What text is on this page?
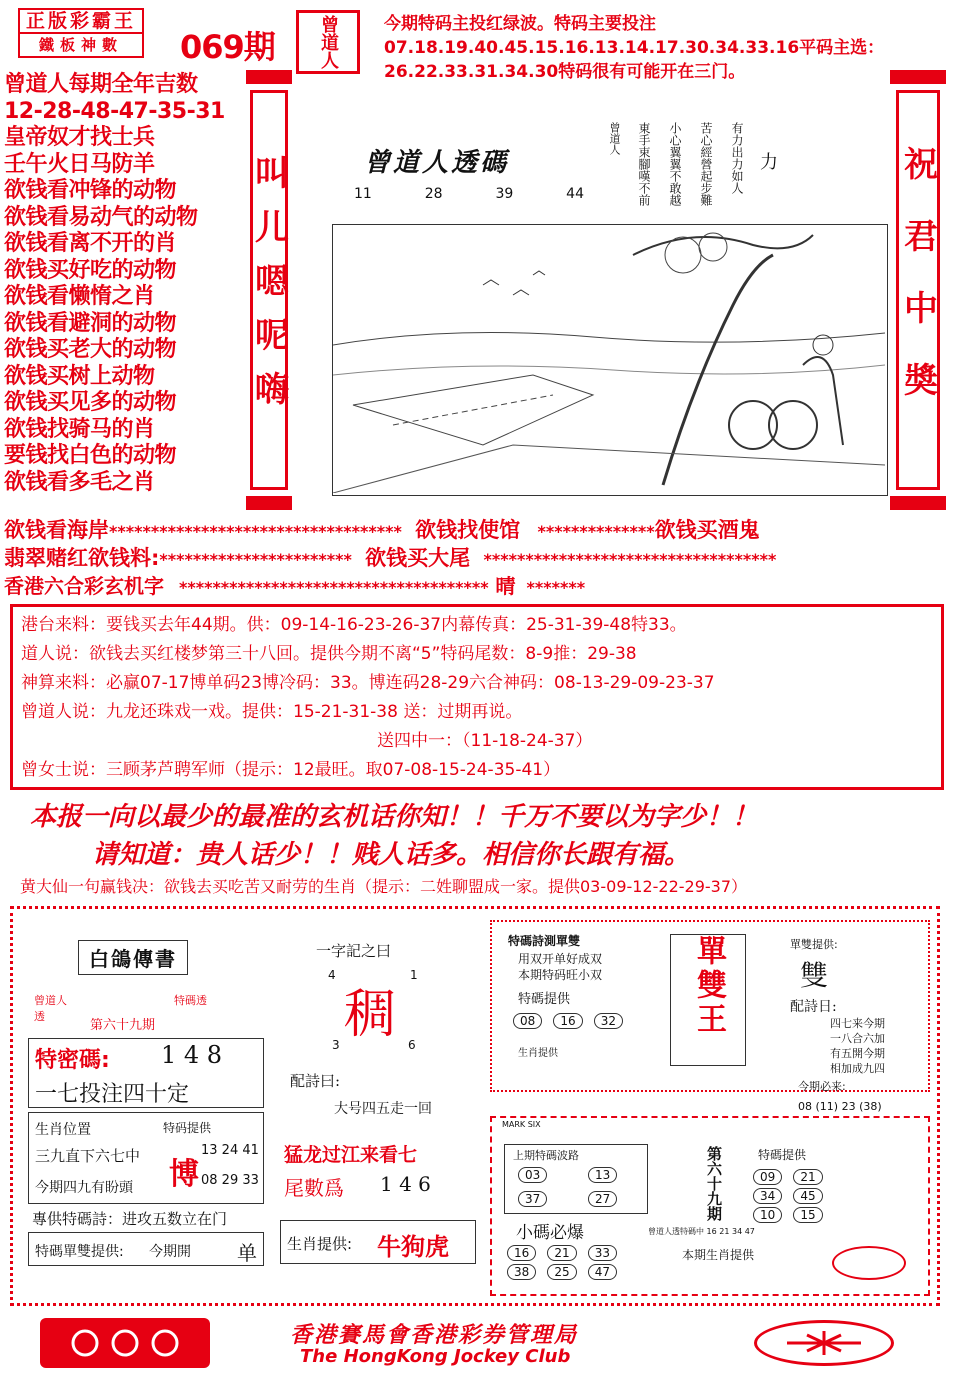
正版彩霸王
鐵板神數	069期 曾道人	今期特码主投红绿波。特码主要投注07.18.19.40.45.15.16.13.14.17.30.34.33.16平码主选：26.22.33.31.34.30特码很有可能开在三门。
曾道人每期全年吉数
12-28-48-47-35-31
皇帝奴才找士兵
壬午火日马防羊
欲钱看冲锋的动物
欲钱看易动气的动物
欲钱看离不开的肖
欲钱买好吃的动物
欲钱看懒惰之肖
欲钱看避洞的动物
欲钱买老大的动物
欲钱买树上动物
欲钱买见多的动物
欲钱找骑马的肖
要钱找白色的动物
欲钱看多毛之肖
叫儿嗯呢嗨	曾道人透碼
11	28	39	44
力
有力出力如人
苦心經營起步難
小心翼翼不敢越
東手束腳嘆不前
曾道人
祝君中奬
欲钱看海岸*********************************** 欲钱找使馆 **************欲钱买酒鬼
翡翠赌红欲钱料:*********************** 欲钱买大尾 ***********************************
香港六合彩玄机字 ************************************* 晴 *******
港台来料：要钱买去年44期。供：09-14-16-23-26-37内幕传真：25-31-39-48特33。
道人说：欲钱去买红楼梦第三十八回。提供今期不离“5”特码尾数：8-9推：29-38
神算来料：必赢07-17博单码23博冷码：33。博连码28-29六合神码：08-13-29-09-23-37
曾道人说：九龙还珠戏一戏。提供：15-21-31-38 送：过期再说。
送四中一：（11-18-24-37）
曾女士说：三顾茅芦聘军师（提示：12最旺。取07-08-15-24-35-41）
本报一向以最少的最准的玄机话你知！！千万不要以为字少！！
请知道：贵人话少！！贱人话多。相信你长跟有福。
黄大仙一句赢钱决：欲钱去买吃苦又耐劳的生肖（提示：二姓聊盟成一家。提供03-09-12-22-29-37）
白鴿傳書
曾道人透
特碼透
第六十九期
特密碼: 1 4 8
一七投注四十定
生肖位置
三九直下六七中
今期四九有盼頭
特码提供
博
13 24 41
08 29 33
專供特碼詩：进攻五数立在门
特碼單雙提供: 今期開 单
一字記之曰
4	1
稠
3	6
配詩曰:
大号四五走一回
猛龙过江来看七
尾數爲 1 4 6
生肖提供: 牛狗虎
特碼詩測單雙
用双开单好成双
本期特码旺小双
特碼提供
08 16 32
生肖提供
單雙王	單雙提供:
雙
配詩日:
四七来今期
一八合六加
有五開今期
相加成九四
今期必来:
08 (11) 23 (38)
MARK SIX
上期特碼波路
03	13
37	27
小碼必爆
16 21 33 38 25 47
第六十九期	特碼提供
09 21 34 45 10 15
本期生肖提供
曾道人透特碼中 16 21 34 47
香港賽馬會香港彩券管理局
The HongKong Jockey Club
